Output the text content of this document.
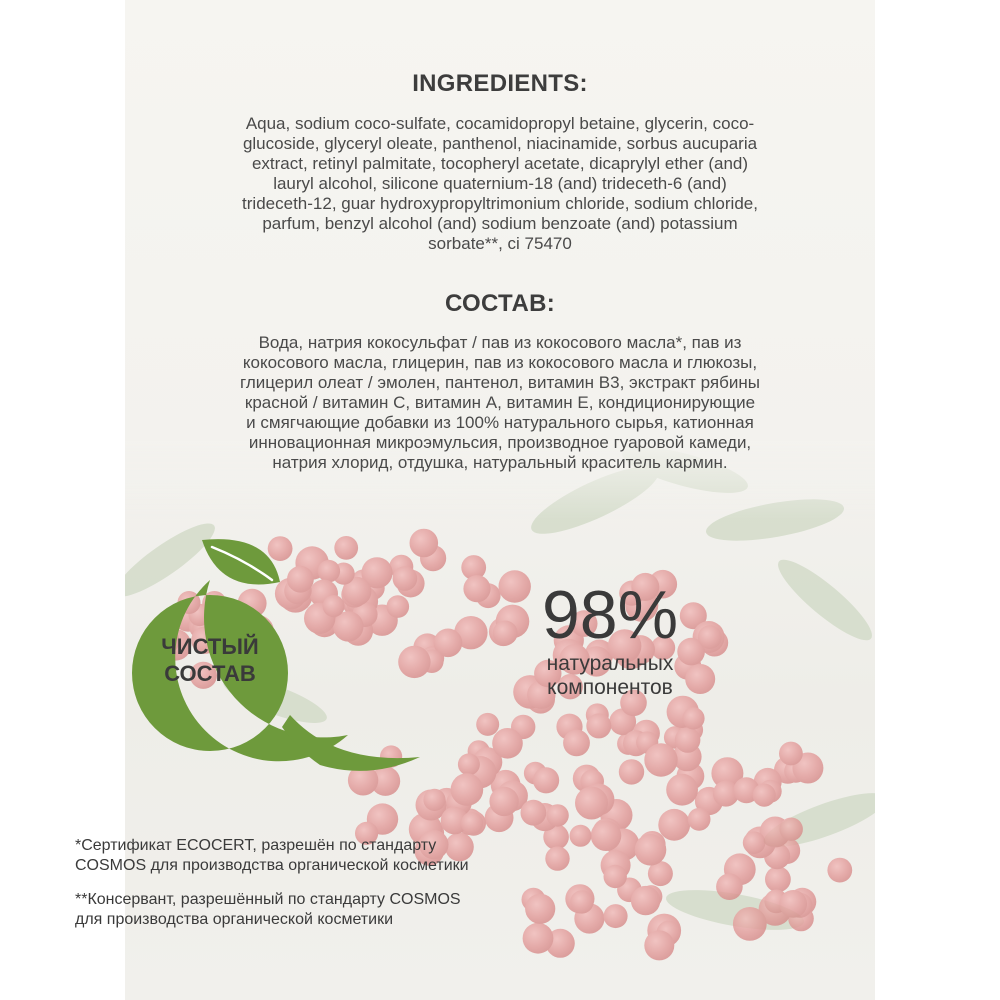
INGREDIENTS:

Aqua, sodium coco-sulfate, cocamidopropyl betaine, glycerin, coco-
glucoside, glyceryl oleate, panthenol, niacinamide, sorbus aucuparia
extract, retinyl palmitate, tocopheryl acetate, dicaprylyl ether (and)
lauryl alcohol, silicone quaternium-18 (and) trideceth-6 (and)
trideceth-12, guar hydroxypropyltrimonium chloride, sodium chloride,
parfum, benzyl alcohol (and) sodium benzoate (and) potassium
sorbate**, ci 75470

СОСТАВ:

Вода, натрия кокосульфат / пав из кокосового масла*, пав из
кокосового масла, глицерин, пав из кокосового масла и глюкозы,
глицерил олеат / эмолен, пантенол, витамин В3, экстракт рябины
красной / витамин С, витамин А, витамин Е, кондиционирующие
и смягчающие добавки из 100% натурального сырья, катионная
инновационная микроэмульсия, производное гуаровой камеди,
натрия хлорид, отдушка, натуральный краситель кармин.

ЧИСТЫЙ
СОСТАВ
98%
натуральных
компонентов

*Сертификат ECOCERT, разрешён по стандарту
COSMOS для производства органической косметики

**Консервант, разрешённый по стандарту COSMOS
для производства органической косметики
